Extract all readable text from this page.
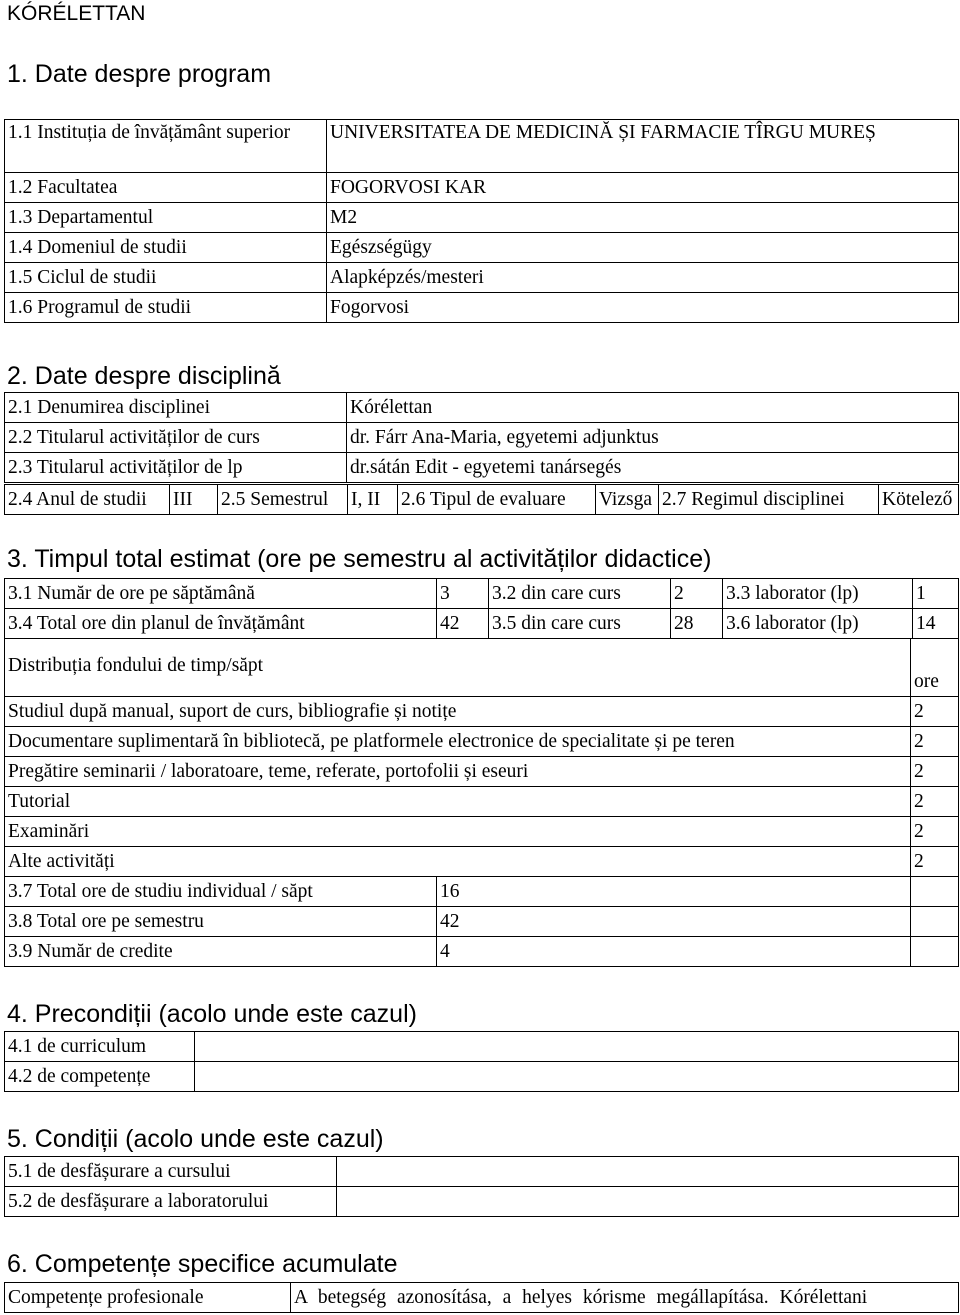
KÓRÉLETTAN
1. Date despre program
1.1 Instituția de învățământ superior	UNIVERSITATEA DE MEDICINĂ ȘI FARMACIE TÎRGU MUREȘ
1.2 Facultatea	FOGORVOSI KAR
1.3 Departamentul	M2
1.4 Domeniul de studii	Egészségügy
1.5 Ciclul de studii	Alapképzés/mesteri
1.6 Programul de studii	Fogorvosi
2. Date despre disciplină
2.1 Denumirea disciplinei	Kórélettan
2.2 Titularul activităților de curs	dr. Fárr Ana-Maria, egyetemi adjunktus
2.3 Titularul activităților de lp	dr.sátán Edit - egyetemi tanársegés
2.4 Anul de studii	III	2.5 Semestrul	I, II	2.6 Tipul de evaluare	Vizsga	2.7 Regimul disciplinei	Kötelező
3. Timpul total estimat (ore pe semestru al activităților didactice)
3.1 Număr de ore pe săptămână	3	3.2 din care curs	2	3.3 laborator (lp)	1
3.4 Total ore din planul de învățământ	42	3.5 din care curs	28	3.6 laborator (lp)	14
Distribuția fondului de timp/săpt		ore
Studiul după manual, suport de curs, bibliografie și notițe		2
Documentare suplimentară în bibliotecă, pe platformele electronice de specialitate și pe teren		2
Pregătire seminarii / laboratoare, teme, referate, portofolii și eseuri		2
Tutorial		2
Examinări		2
Alte activități		2
3.7 Total ore de studiu individual / săpt	16	
3.8 Total ore pe semestru	42	
3.9 Număr de credite	4	
4. Precondiții (acolo unde este cazul)
4.1 de curriculum	
4.2 de competențe	
5. Condiții (acolo unde este cazul)
5.1 de desfășurare a cursului	
5.2 de desfășurare a laboratorului	
6. Competențe specifice acumulate
Competențe profesionale	A betegség azonosítása, a helyes kórisme megállapítása. Kórélettani
